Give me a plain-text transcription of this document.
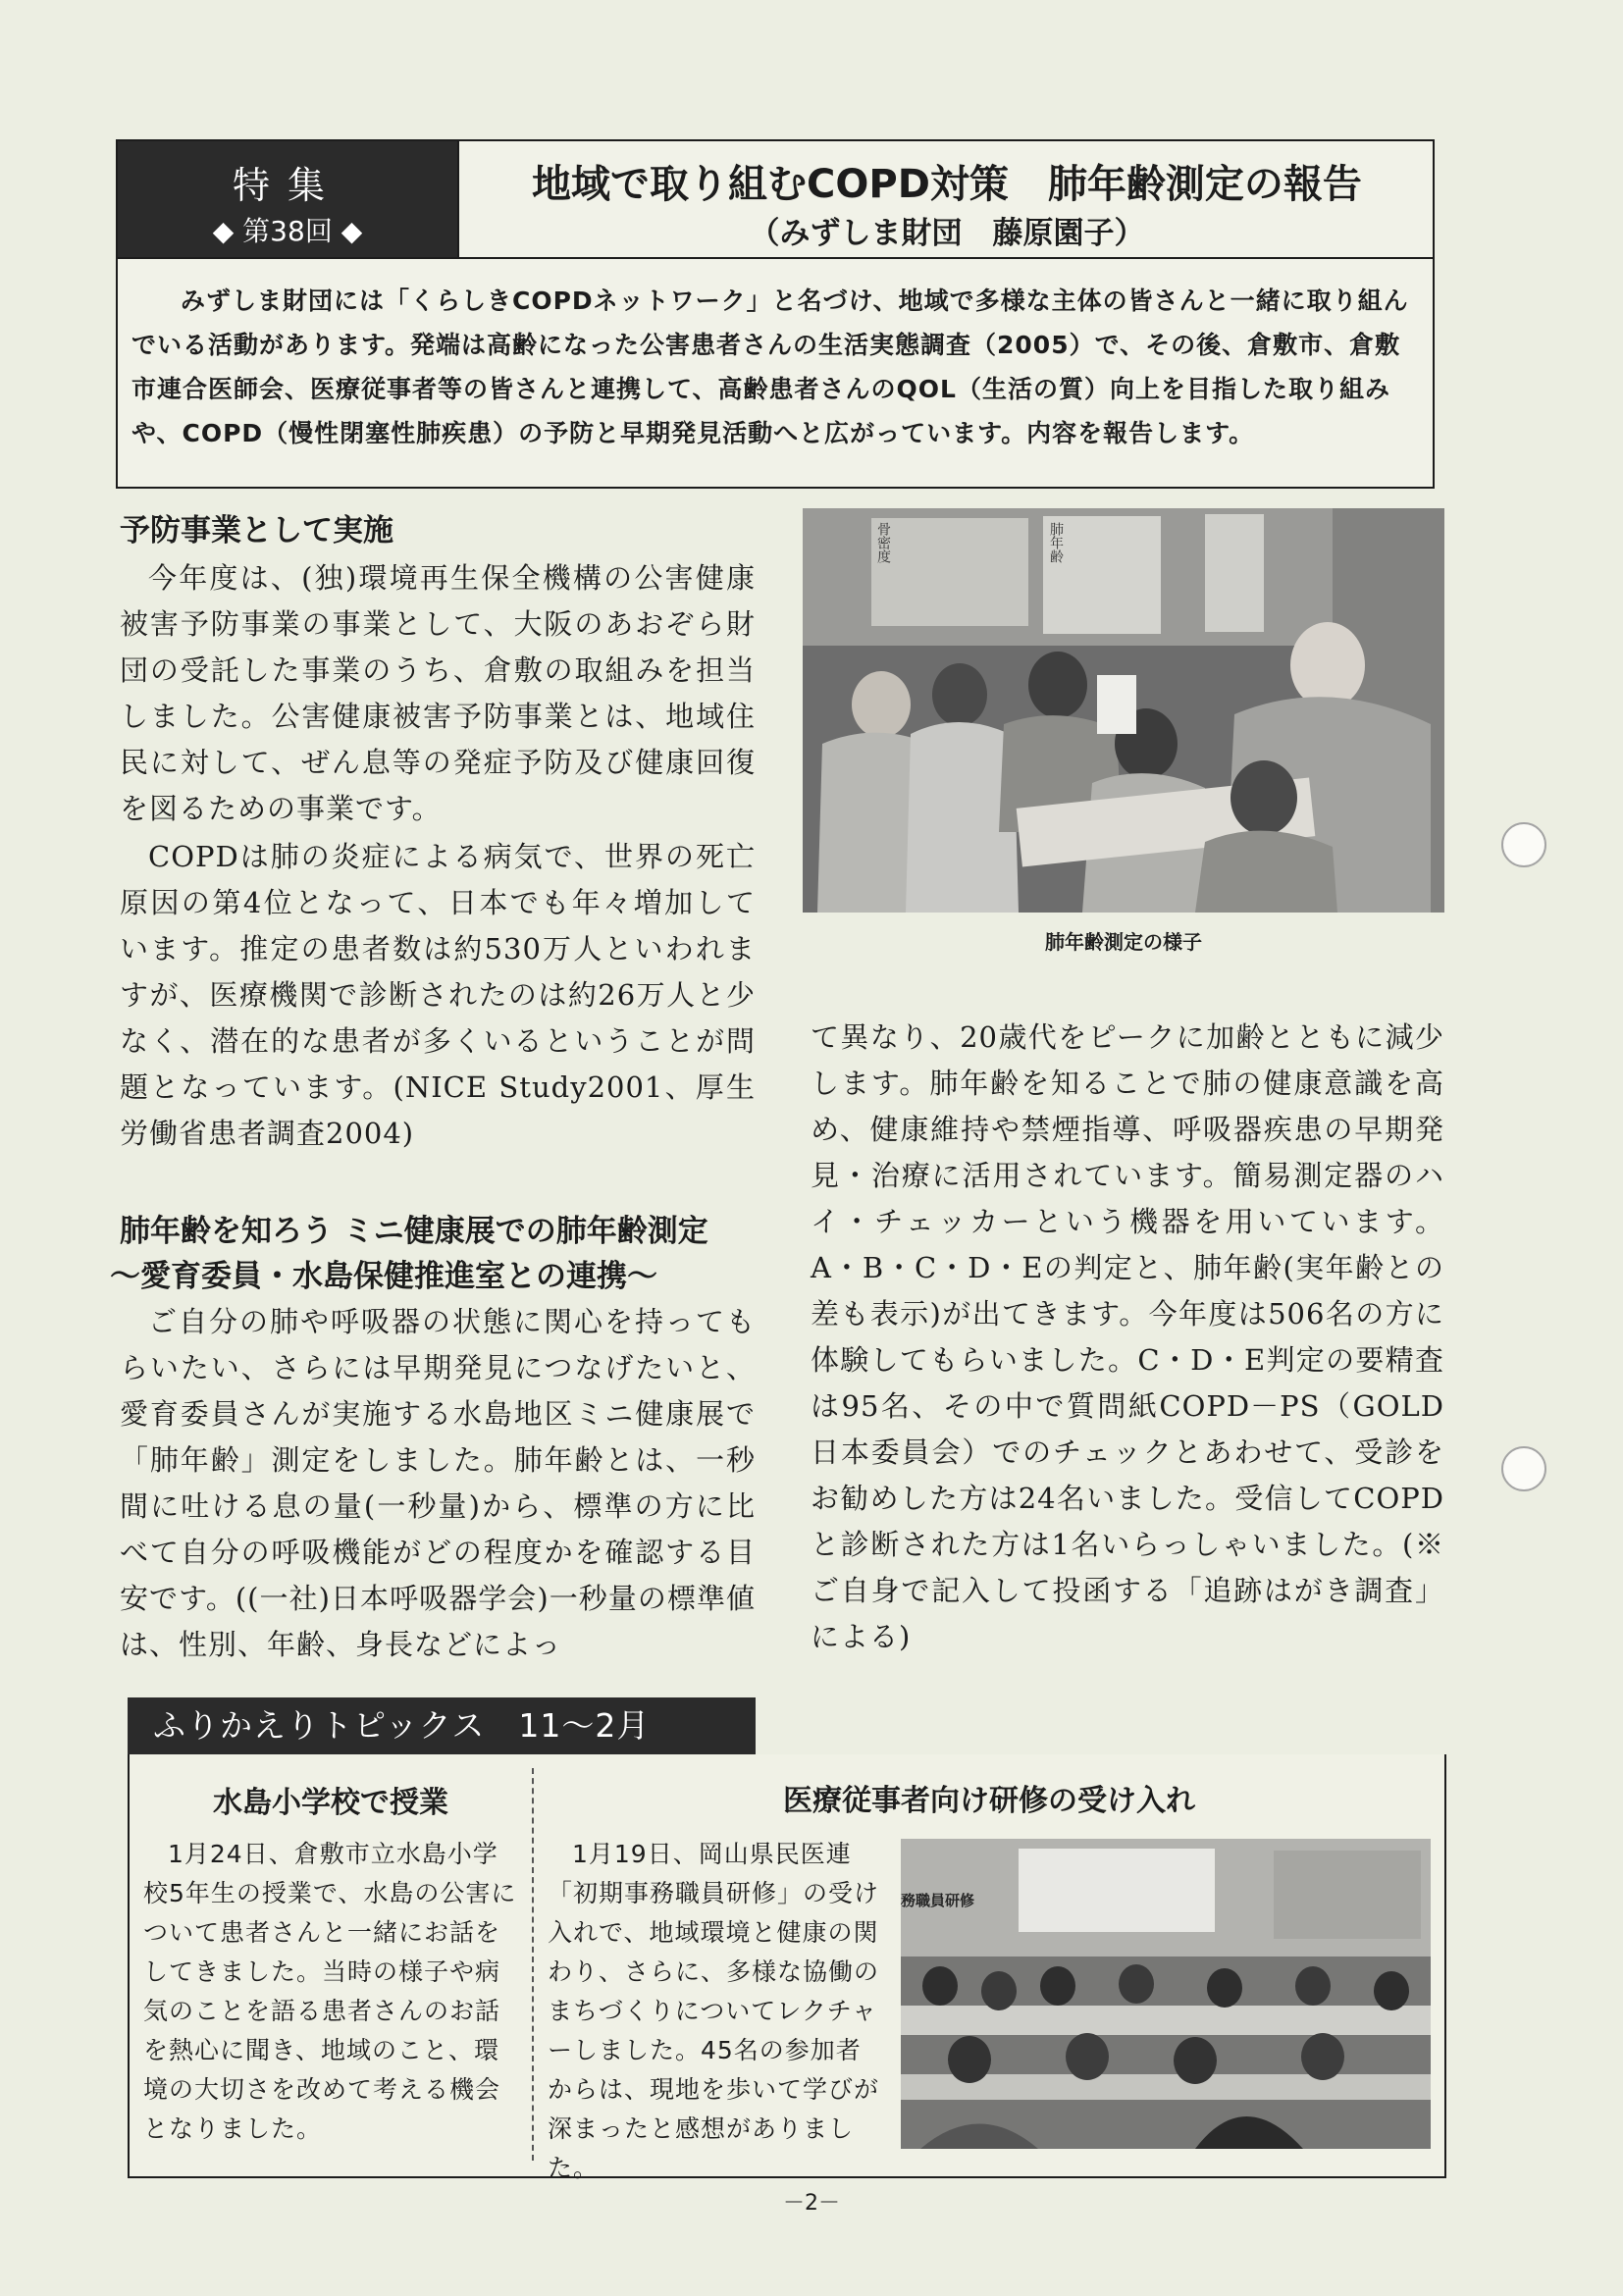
特集
◆ 第38回 ◆
地域で取り組むCOPD対策　肺年齢測定の報告
（みずしま財団　藤原園子）
みずしま財団には「くらしきCOPDネットワーク」と名づけ、地域で多様な主体の皆さんと一緒に取り組んでいる活動があります。発端は高齢になった公害患者さんの生活実態調査（2005）で、その後、倉敷市、倉敷市連合医師会、医療従事者等の皆さんと連携して、高齢患者さんのQOL（生活の質）向上を目指した取り組みや、COPD（慢性閉塞性肺疾患）の予防と早期発見活動へと広がっています。内容を報告します。
予防事業として実施
今年度は、(独)環境再生保全機構の公害健康被害予防事業の事業として、大阪のあおぞら財団の受託した事業のうち、倉敷の取組みを担当しました。公害健康被害予防事業とは、地域住民に対して、ぜん息等の発症予防及び健康回復を図るための事業です。
COPDは肺の炎症による病気で、世界の死亡原因の第4位となって、日本でも年々増加しています。推定の患者数は約530万人といわれますが、医療機関で診断されたのは約26万人と少なく、潜在的な患者が多くいるということが問題となっています。(NICE Study2001、厚生労働省患者調査2004)
肺年齢を知ろう ミニ健康展での肺年齢測定
～愛育委員・水島保健推進室との連携～
ご自分の肺や呼吸器の状態に関心を持ってもらいたい、さらには早期発見につなげたいと、愛育委員さんが実施する水島地区ミニ健康展で「肺年齢」測定をしました。肺年齢とは、一秒間に吐ける息の量(一秒量)から、標準の方に比べて自分の呼吸機能がどの程度かを確認する目安です。((一社)日本呼吸器学会)一秒量の標準値は、性別、年齢、身長などによっ
骨密度	肺年齢
肺年齢測定の様子
て異なり、20歳代をピークに加齢とともに減少します。肺年齢を知ることで肺の健康意識を高め、健康維持や禁煙指導、呼吸器疾患の早期発見・治療に活用されています。簡易測定器のハイ・チェッカーという機器を用いています。A・B・C・D・Eの判定と、肺年齢(実年齢との差も表示)が出てきます。今年度は506名の方に体験してもらいました。C・D・E判定の要精査は95名、その中で質問紙COPD－PS（GOLD日本委員会）でのチェックとあわせて、受診をお勧めした方は24名いました。受信してCOPDと診断された方は1名いらっしゃいました。(※ご自身で記入して投函する「追跡はがき調査」による)
ふりかえりトピックス　11～2月
水島小学校で授業
1月24日、倉敷市立水島小学校5年生の授業で、水島の公害について患者さんと一緒にお話をしてきました。当時の様子や病気のことを語る患者さんのお話を熱心に聞き、地域のこと、環境の大切さを改めて考える機会となりました。
医療従事者向け研修の受け入れ
1月19日、岡山県民医連「初期事務職員研修」の受け入れで、地域環境と健康の関わり、さらに、多様な協働のまちづくりについてレクチャーしました。45名の参加者からは、現地を歩いて学びが深まったと感想がありました。
務職員研修
－2－
